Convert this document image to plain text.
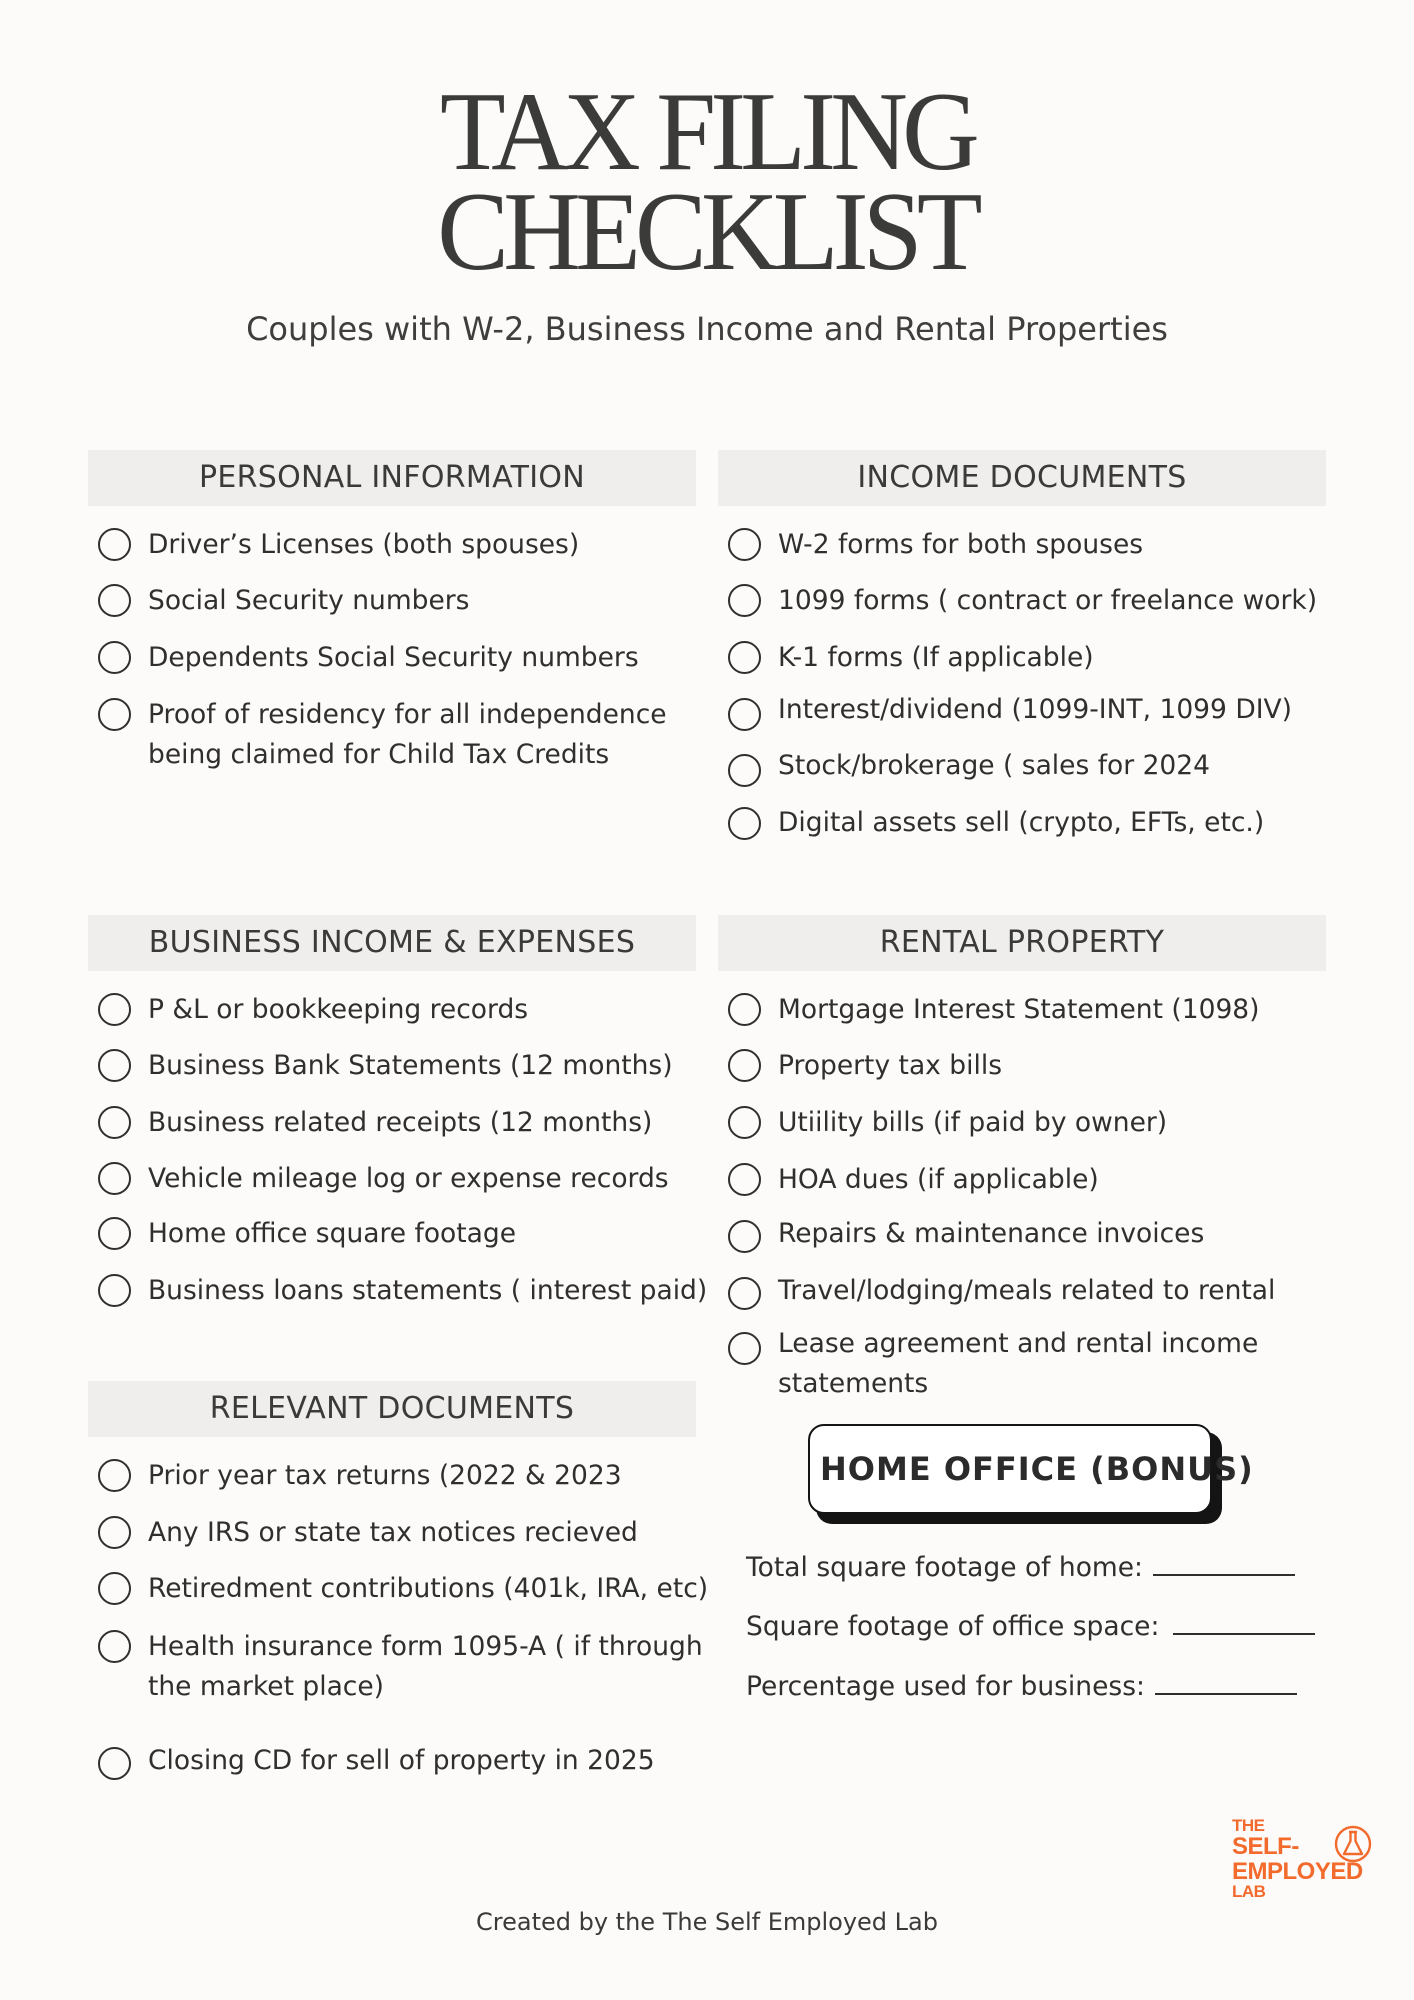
TAX FILING
CHECKLIST
Couples with W-2, Business Income and Rental Properties
PERSONAL INFORMATION	INCOME DOCUMENTS
BUSINESS INCOME & EXPENSES	RENTAL PROPERTY
RELEVANT DOCUMENTS
Driver’s Licenses (both spouses)
Social Security numbers
Dependents Social Security numbers
Proof of residency for all independence
being claimed for Child Tax Credits
W-2 forms for both spouses
1099 forms ( contract or freelance work)
K-1 forms (If applicable)
Interest/dividend (1099-INT, 1099 DIV)
Stock/brokerage ( sales for 2024
Digital assets sell (crypto, EFTs, etc.)
P &L or bookkeeping records
Business Bank Statements (12 months)
Business related receipts (12 months)
Vehicle mileage log or expense records
Home office square footage
Business loans statements ( interest paid)
Mortgage Interest Statement (1098)
Property tax bills
Utiility bills (if paid by owner)
HOA dues (if applicable)
Repairs & maintenance invoices
Travel/lodging/meals related to rental
Lease agreement and rental income
statements
Prior year tax returns (2022 & 2023
Any IRS or state tax notices recieved
Retiredment contributions (401k, IRA, etc)
Health insurance form 1095-A ( if through
the market place)
Closing CD for sell of property in 2025
HOME OFFICE (BONUS)
Total square footage of home:
Square footage of office space:
Percentage used for business:
Created by the The Self Employed Lab
THE
SELF-
EMPLOYED
LAB
